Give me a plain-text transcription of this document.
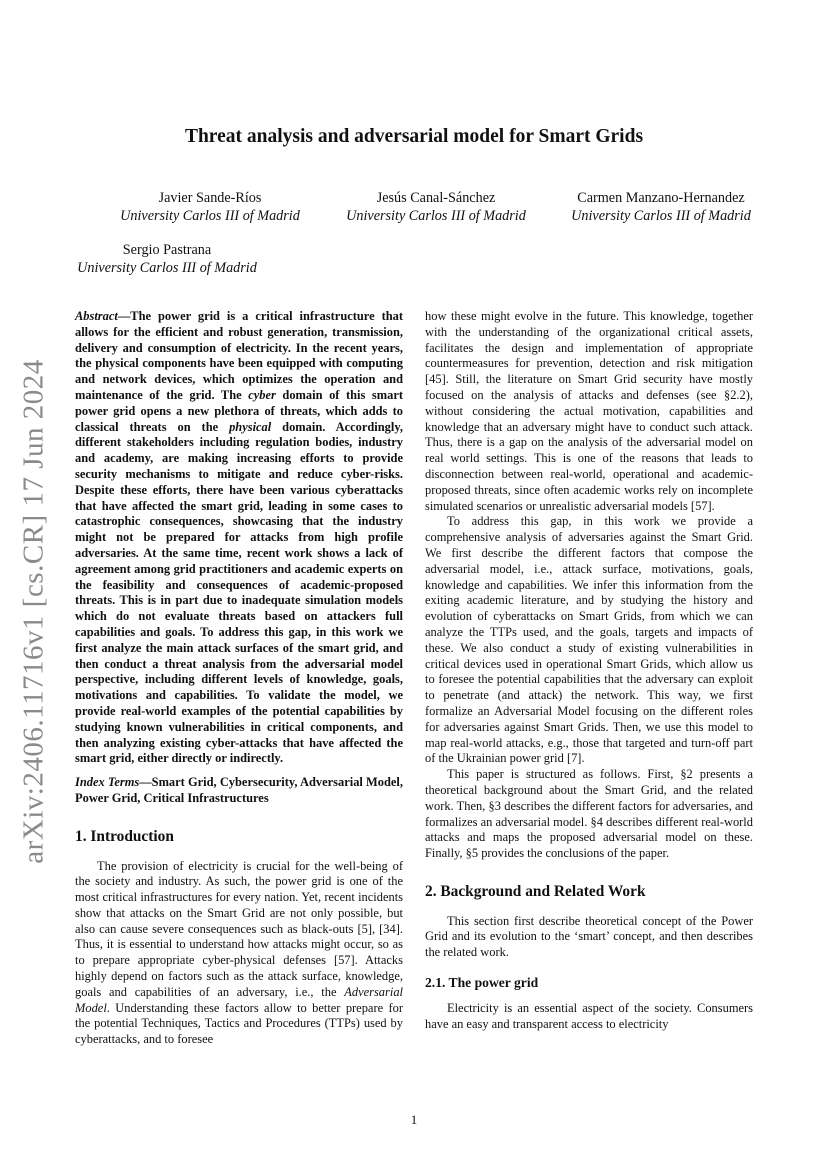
arXiv:2406.11716v1 [cs.CR] 17 Jun 2024
Threat analysis and adversarial model for Smart Grids
Javier Sande-Ríos
University Carlos III of Madrid
Jesús Canal-Sánchez
University Carlos III of Madrid
Carmen Manzano-Hernandez
University Carlos III of Madrid
Sergio Pastrana
University Carlos III of Madrid

Abstract—The power grid is a critical infrastructure that allows for the efficient and robust generation, transmission, delivery and consumption of electricity. In the recent years, the physical components have been equipped with computing and network devices, which optimizes the operation and maintenance of the grid. The cyber domain of this smart power grid opens a new plethora of threats, which adds to classical threats on the physical domain. Accordingly, different stakeholders including regulation bodies, industry and academy, are making increasing efforts to provide security mechanisms to mitigate and reduce cyber-risks. Despite these efforts, there have been various cyberattacks that have affected the smart grid, leading in some cases to catastrophic consequences, showcasing that the industry might not be prepared for attacks from high profile adversaries. At the same time, recent work shows a lack of agreement among grid practitioners and academic experts on the feasibility and consequences of academic-proposed threats. This is in part due to inadequate simulation models which do not evaluate threats based on attackers full capabilities and goals. To address this gap, in this work we first analyze the main attack surfaces of the smart grid, and then conduct a threat analysis from the adversarial model perspective, including different levels of knowledge, goals, motivations and capabilities. To validate the model, we provide real-world examples of the potential capabilities by studying known vulnerabilities in critical components, and then analyzing existing cyber-attacks that have affected the smart grid, either directly or indirectly.

Index Terms—Smart Grid, Cybersecurity, Adversarial Model, Power Grid, Critical Infrastructures

1. Introduction

The provision of electricity is crucial for the well-being of the society and industry. As such, the power grid is one of the most critical infrastructures for every nation. Yet, recent incidents show that attacks on the Smart Grid are not only possible, but also can cause severe consequences such as black-outs [5], [34]. Thus, it is essential to understand how attacks might occur, so as to prepare appropriate cyber-physical defenses [57]. Attacks highly depend on factors such as the attack surface, knowledge, goals and capabilities of an adversary, i.e., the Adversarial Model. Understanding these factors allow to better prepare for the potential Techniques, Tactics and Procedures (TTPs) used by cyberattacks, and to foresee

how these might evolve in the future. This knowledge, together with the understanding of the organizational critical assets, facilitates the design and implementation of appropriate countermeasures for prevention, detection and risk mitigation [45]. Still, the literature on Smart Grid security have mostly focused on the analysis of attacks and defenses (see §2.2), without considering the actual motivation, capabilities and knowledge that an adversary might have to conduct such attack. Thus, there is a gap on the analysis of the adversarial model on real world settings. This is one of the reasons that leads to disconnection between real-world, operational and academic-proposed threats, since often academic works rely on incomplete simulated scenarios or unrealistic adversarial models [57].

To address this gap, in this work we provide a comprehensive analysis of adversaries against the Smart Grid. We first describe the different factors that compose the adversarial model, i.e., attack surface, motivations, goals, knowledge and capabilities. We infer this information from the exiting academic literature, and by studying the history and evolution of cyberattacks on Smart Grids, from which we can analyze the TTPs used, and the goals, targets and impacts of these. We also conduct a study of existing vulnerabilities in critical devices used in operational Smart Grids, which allow us to foresee the potential capabilities that the adversary can exploit to penetrate (and attack) the network. This way, we first formalize an Adversarial Model focusing on the different roles for adversaries against Smart Grids. Then, we use this model to map real-world attacks, e.g., those that targeted and turn-off part of the Ukrainian power grid [7].

This paper is structured as follows. First, §2 presents a theoretical background about the Smart Grid, and the related work. Then, §3 describes the different factors for adversaries, and formalizes an adversarial model. §4 describes different real-world attacks and maps the proposed adversarial model on these. Finally, §5 provides the conclusions of the paper.

2. Background and Related Work

This section first describe theoretical concept of the Power Grid and its evolution to the ‘smart’ concept, and then describes the related work.

2.1. The power grid

Electricity is an essential aspect of the society. Consumers have an easy and transparent access to electricity

1
